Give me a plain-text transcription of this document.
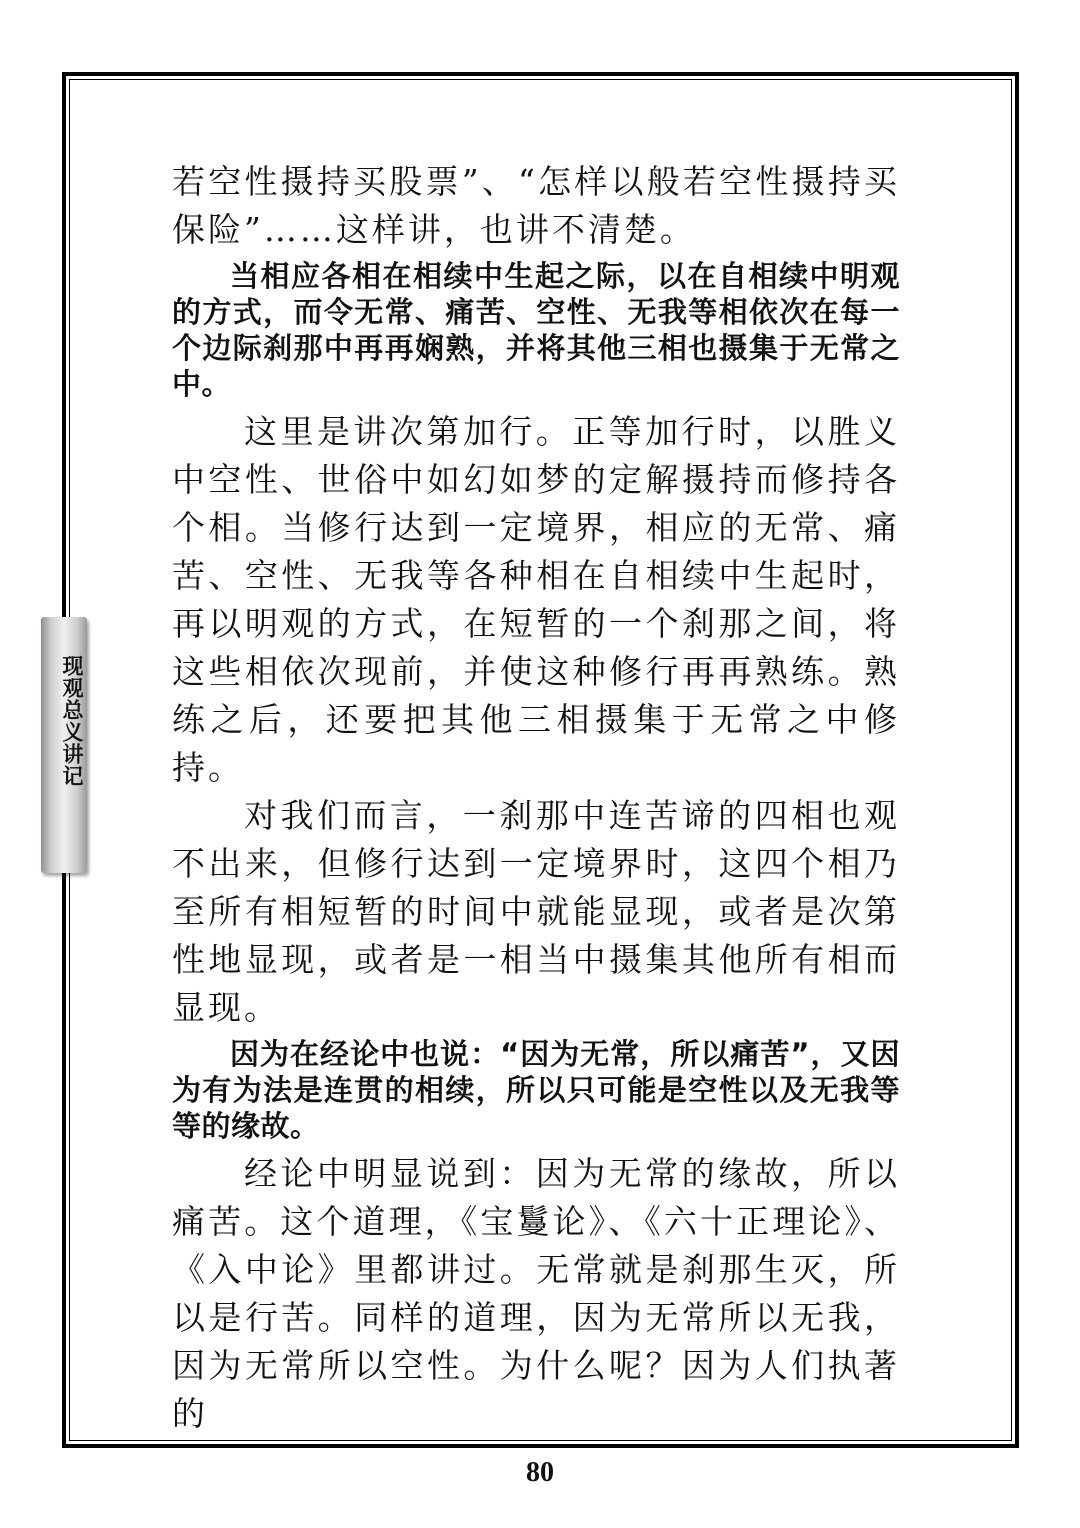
现观总义讲记

若空性摄持买股票”、“怎样以般若空性摄持买保险”……这样讲，也讲不清楚。

当相应各相在相续中生起之际，以在自相续中明观的方式，而令无常、痛苦、空性、无我等相依次在每一个边际刹那中再再娴熟，并将其他三相也摄集于无常之中。

这里是讲次第加行。正等加行时，以胜义中空性、世俗中如幻如梦的定解摄持而修持各个相。当修行达到一定境界，相应的无常、痛苦、空性、无我等各种相在自相续中生起时，再以明观的方式，在短暂的一个刹那之间，将这些相依次现前，并使这种修行再再熟练。熟练之后，还要把其他三相摄集于无常之中修持。

对我们而言，一刹那中连苦谛的四相也观不出来，但修行达到一定境界时，这四个相乃至所有相短暂的时间中就能显现，或者是次第性地显现，或者是一相当中摄集其他所有相而显现。

因为在经论中也说：“因为无常，所以痛苦”，又因为有为法是连贯的相续，所以只可能是空性以及无我等等的缘故。

经论中明显说到：因为无常的缘故，所以痛苦。这个道理，《宝鬘论》、《六十正理论》、《入中论》里都讲过。无常就是刹那生灭，所以是行苦。同样的道理，因为无常所以无我，因为无常所以空性。为什么呢？因为人们执著的

80
